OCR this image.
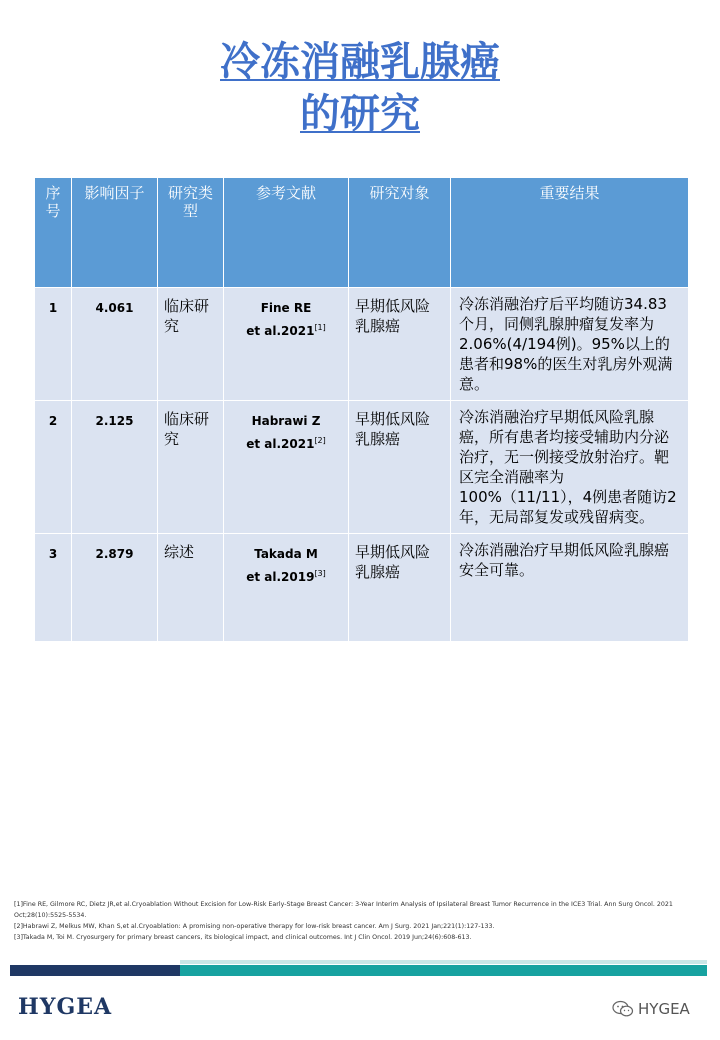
冷冻消融乳腺癌
的研究
序号	影响因子	研究类型	参考文献	研究对象	重要结果
1	4.061	临床研究	Fine RE
et al.2021[1]	早期低风险乳腺癌	冷冻消融治疗后平均随访34.83个月，同侧乳腺肿瘤复发率为2.06%(4/194例)。95%以上的患者和98%的医生对乳房外观满意。
2	2.125	临床研究	Habrawi Z
et al.2021[2]	早期低风险乳腺癌	冷冻消融治疗早期低风险乳腺癌，所有患者均接受辅助内分泌治疗，无一例接受放射治疗。靶区完全消融率为100%（11/11），4例患者随访2年，无局部复发或残留病变。
3	2.879	综述	Takada M
et al.2019[3]	早期低风险乳腺癌	冷冻消融治疗早期低风险乳腺癌安全可靠。
[1]Fine RE, Gilmore RC, Dietz JR,et al.Cryoablation Without Excision for Low-Risk Early-Stage Breast Cancer: 3-Year Interim Analysis of Ipsilateral Breast Tumor Recurrence in the ICE3 Trial. Ann Surg Oncol. 2021 Oct;28(10):5525-5534.
[2]Habrawi Z, Melkus MW, Khan S,et al.Cryoablation: A promising non-operative therapy for low-risk breast cancer. Am J Surg. 2021 Jan;221(1):127-133.
[3]Takada M, Toi M. Cryosurgery for primary breast cancers, its biological impact, and clinical outcomes. Int J Clin Oncol. 2019 Jun;24(6):608-613.
HYGEA	HYGEA
